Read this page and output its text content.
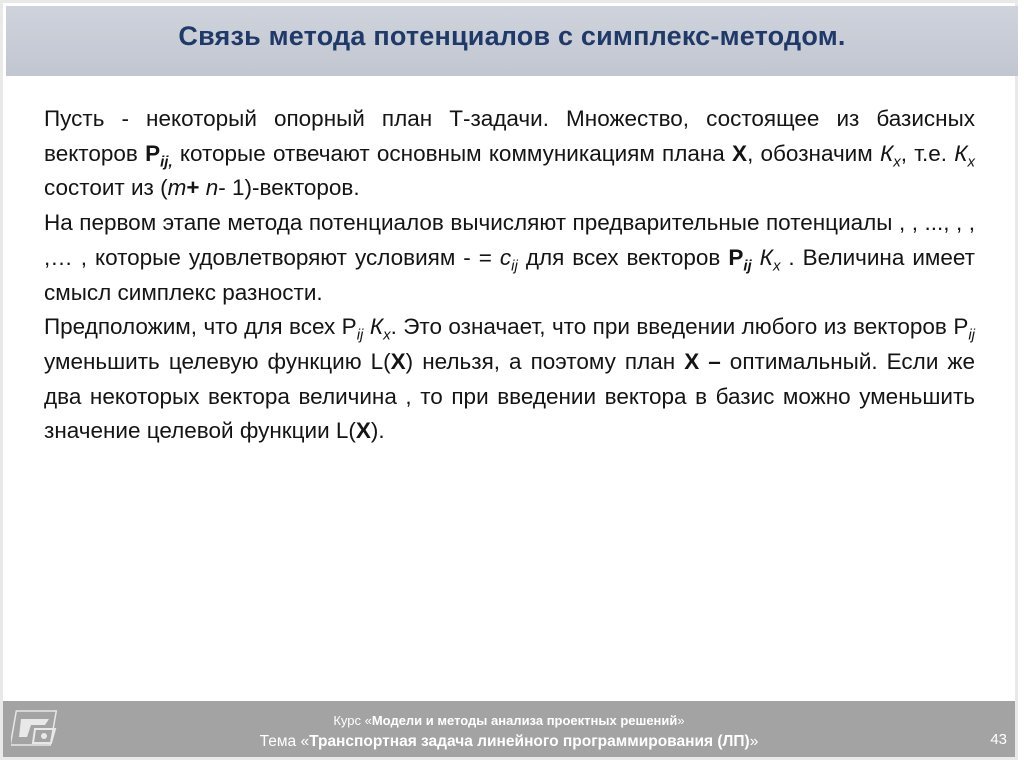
Связь метода потенциалов с симплекс-методом.

Пусть - некоторый опорный план Т-задачи. Множество, состоящее из базисных векторов $P_{ij,}$ которые отвечают основным коммуникациям плана X, обозначим $К_x$, т.е. $К_x$ состоит из (m+ n- 1)-векторов.

На первом этапе метода потенциалов вычисляют предварительные потенциалы , , ..., , , ,… , которые удовлетворяют условиям - = $c_{ij}$ для всех векторов $P_{ij}$ $К_x$ . Величина имеет смысл симплекс разности.

Предположим, что для всех $P_{ij}$ $К_x$. Это означает, что при введении любого из векторов $P_{ij}$ уменьшить целевую функцию L(X) нельзя, а поэтому план X – оптимальный. Если же два некоторых вектора величина , то при введении вектора в базис можно уменьшить значение целевой функции L(X).

Курс «Модели и методы анализа проектных решений»
Тема «Транспортная задача линейного программирования (ЛП)»	43
